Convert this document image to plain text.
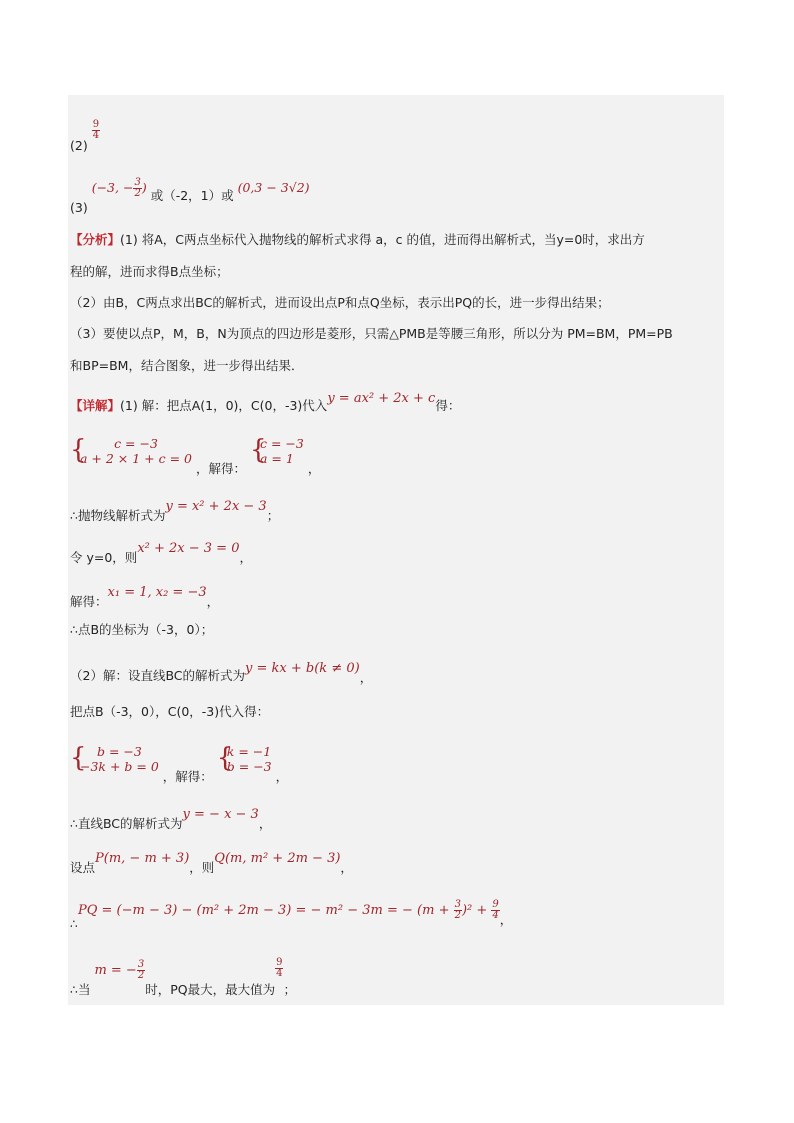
(2)
$\frac{9}{4}$
(3) (−3, − $\frac{3}{2}$ ) 或（-2，1）或 (0,3 − 3√2)
【分析】(1) 将A，C两点坐标代入抛物线的解析式求得 a，c 的值，进而得出解析式，当y=0时，求出方
程的解，进而求得B点坐标；
（2）由B，C两点求出BC的解析式，进而设出点P和点Q坐标，表示出PQ的长，进一步得出结果；
（3）要使以点P，M，B，N为顶点的四边形是菱形，只需△PMB是等腰三角形，所以分为 PM=BM，PM=PB
和BP=BM，结合图象，进一步得出结果．
【详解】(1) 解：把点A(1，0)，C(0，-3)代入y = ax² + 2x + c得：
{	c = −3
a + 2 × 1 + c = 0
，解得：
{
c = −3
a = 1
，
∴抛物线解析式为y = x² + 2x − 3；
令 y=0，则x² + 2x − 3 = 0，
解得：x₁ = 1, x₂ = −3，
∴点B的坐标为（-3，0）；
（2）解：设直线BC的解析式为y = kx + b(k ≠ 0)，
把点B（-3，0），C(0，-3)代入得：
{ b = −3
−3k + b = 0
，解得：
{
k = −1
b = −3
，
∴直线BC的解析式为y = − x − 3，
设点P(m, − m + 3)，则Q(m, m² + 2m − 3)，
∴
PQ = (−m − 3) − (m² + 2m − 3) = − m² − 3m = − $(m + \frac{3}{2} )^2 + \frac{9}{4}$ ，
∴当 m = − $\frac{3}{2}$
时，PQ最大，最大值为
$\frac{9}{4}$
；
